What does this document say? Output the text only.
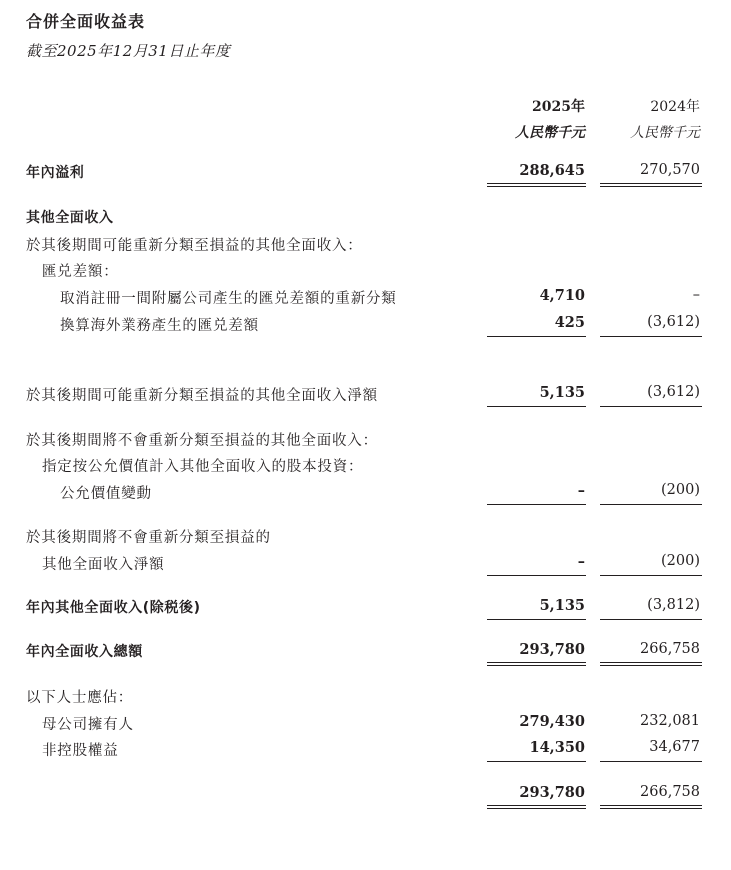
合併全面收益表
截至2025年12月31日止年度
2025年
人民幣千元
2024年
人民幣千元
年內溢利	288,645	270,570
其他全面收入
於其後期間可能重新分類至損益的其他全面收入：
匯兑差額：
取消註冊一間附屬公司產生的匯兑差額的重新分類	4,710	–
換算海外業務產生的匯兑差額	425	(3,612)
於其後期間可能重新分類至損益的其他全面收入淨額	5,135	(3,612)
於其後期間將不會重新分類至損益的其他全面收入：
指定按公允價值計入其他全面收入的股本投資：
公允價值變動	–	(200)
於其後期間將不會重新分類至損益的
其他全面收入淨額	–	(200)
年內其他全面收入(除税後)	5,135	(3,812)
年內全面收入總額	293,780	266,758
以下人士應佔：
母公司擁有人	279,430	232,081
非控股權益	14,350	34,677
293,780	266,758
